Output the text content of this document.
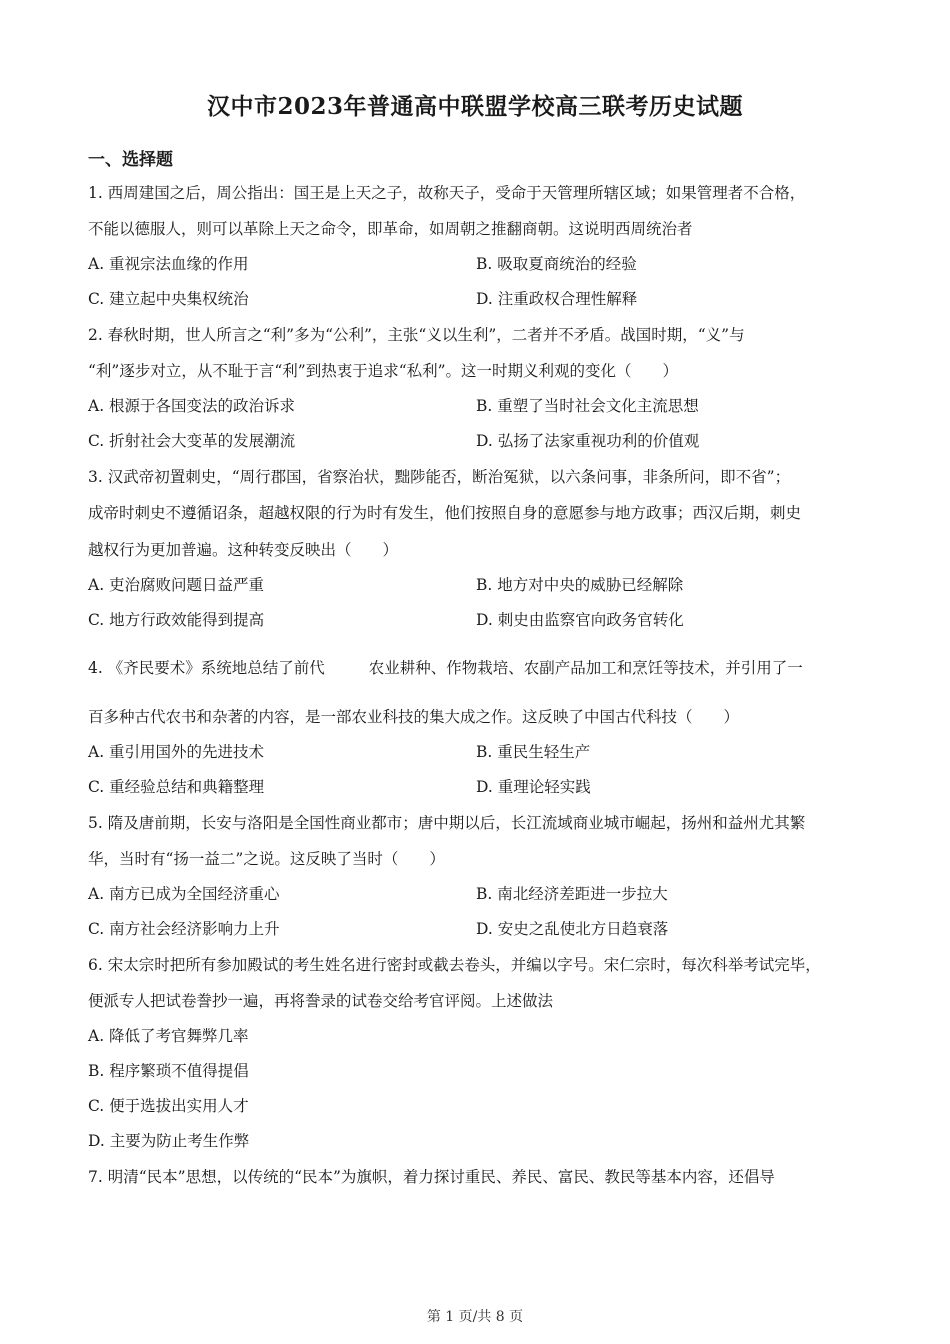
汉中市2023年普通高中联盟学校高三联考历史试题
一、选择题
1. 西周建国之后，周公指出：国王是上天之子，故称天子，受命于天管理所辖区域；如果管理者不合格，
不能以德服人，则可以革除上天之命令，即革命，如周朝之推翻商朝。这说明西周统治者
A. 重视宗法血缘的作用	B. 吸取夏商统治的经验
C. 建立起中央集权统治	D. 注重政权合理性解释
2. 春秋时期，世人所言之“利”多为“公利”，主张“义以生利”，二者并不矛盾。战国时期，“义”与
“利”逐步对立，从不耻于言“利”到热衷于追求“私利”。这一时期义利观的变化（　　）
A. 根源于各国变法的政治诉求	B. 重塑了当时社会文化主流思想
C. 折射社会大变革的发展潮流	D. 弘扬了法家重视功利的价值观
3. 汉武帝初置刺史，“周行郡国，省察治状，黜陟能否，断治冤狱，以六条问事，非条所问，即不省”；
成帝时刺史不遵循诏条，超越权限的行为时有发生，他们按照自身的意愿参与地方政事；西汉后期，刺史
越权行为更加普遍。这种转变反映出（　　）
A. 吏治腐败问题日益严重	B. 地方对中央的威胁已经解除
C. 地方行政效能得到提高	D. 刺史由监察官向政务官转化
4. 《齐民要术》系统地总结了前代	农业耕种、作物栽培、农副产品加工和烹饪等技术，并引用了一
百多种古代农书和杂著的内容，是一部农业科技的集大成之作。这反映了中国古代科技（　　）
A. 重引用国外的先进技术	B. 重民生轻生产
C. 重经验总结和典籍整理	D. 重理论轻实践
5. 隋及唐前期，长安与洛阳是全国性商业都市；唐中期以后，长江流域商业城市崛起，扬州和益州尤其繁
华，当时有“扬一益二”之说。这反映了当时（　　）
A. 南方已成为全国经济重心	B. 南北经济差距进一步拉大
C. 南方社会经济影响力上升	D. 安史之乱使北方日趋衰落
6. 宋太宗时把所有参加殿试的考生姓名进行密封或截去卷头，并编以字号。宋仁宗时，每次科举考试完毕，
便派专人把试卷誊抄一遍，再将誊录的试卷交给考官评阅。上述做法
A. 降低了考官舞弊几率
B. 程序繁琐不值得提倡
C. 便于选拔出实用人才
D. 主要为防止考生作弊
7. 明清“民本”思想，以传统的“民本”为旗帜，着力探讨重民、养民、富民、教民等基本内容，还倡导
第 1 页/共 8 页
